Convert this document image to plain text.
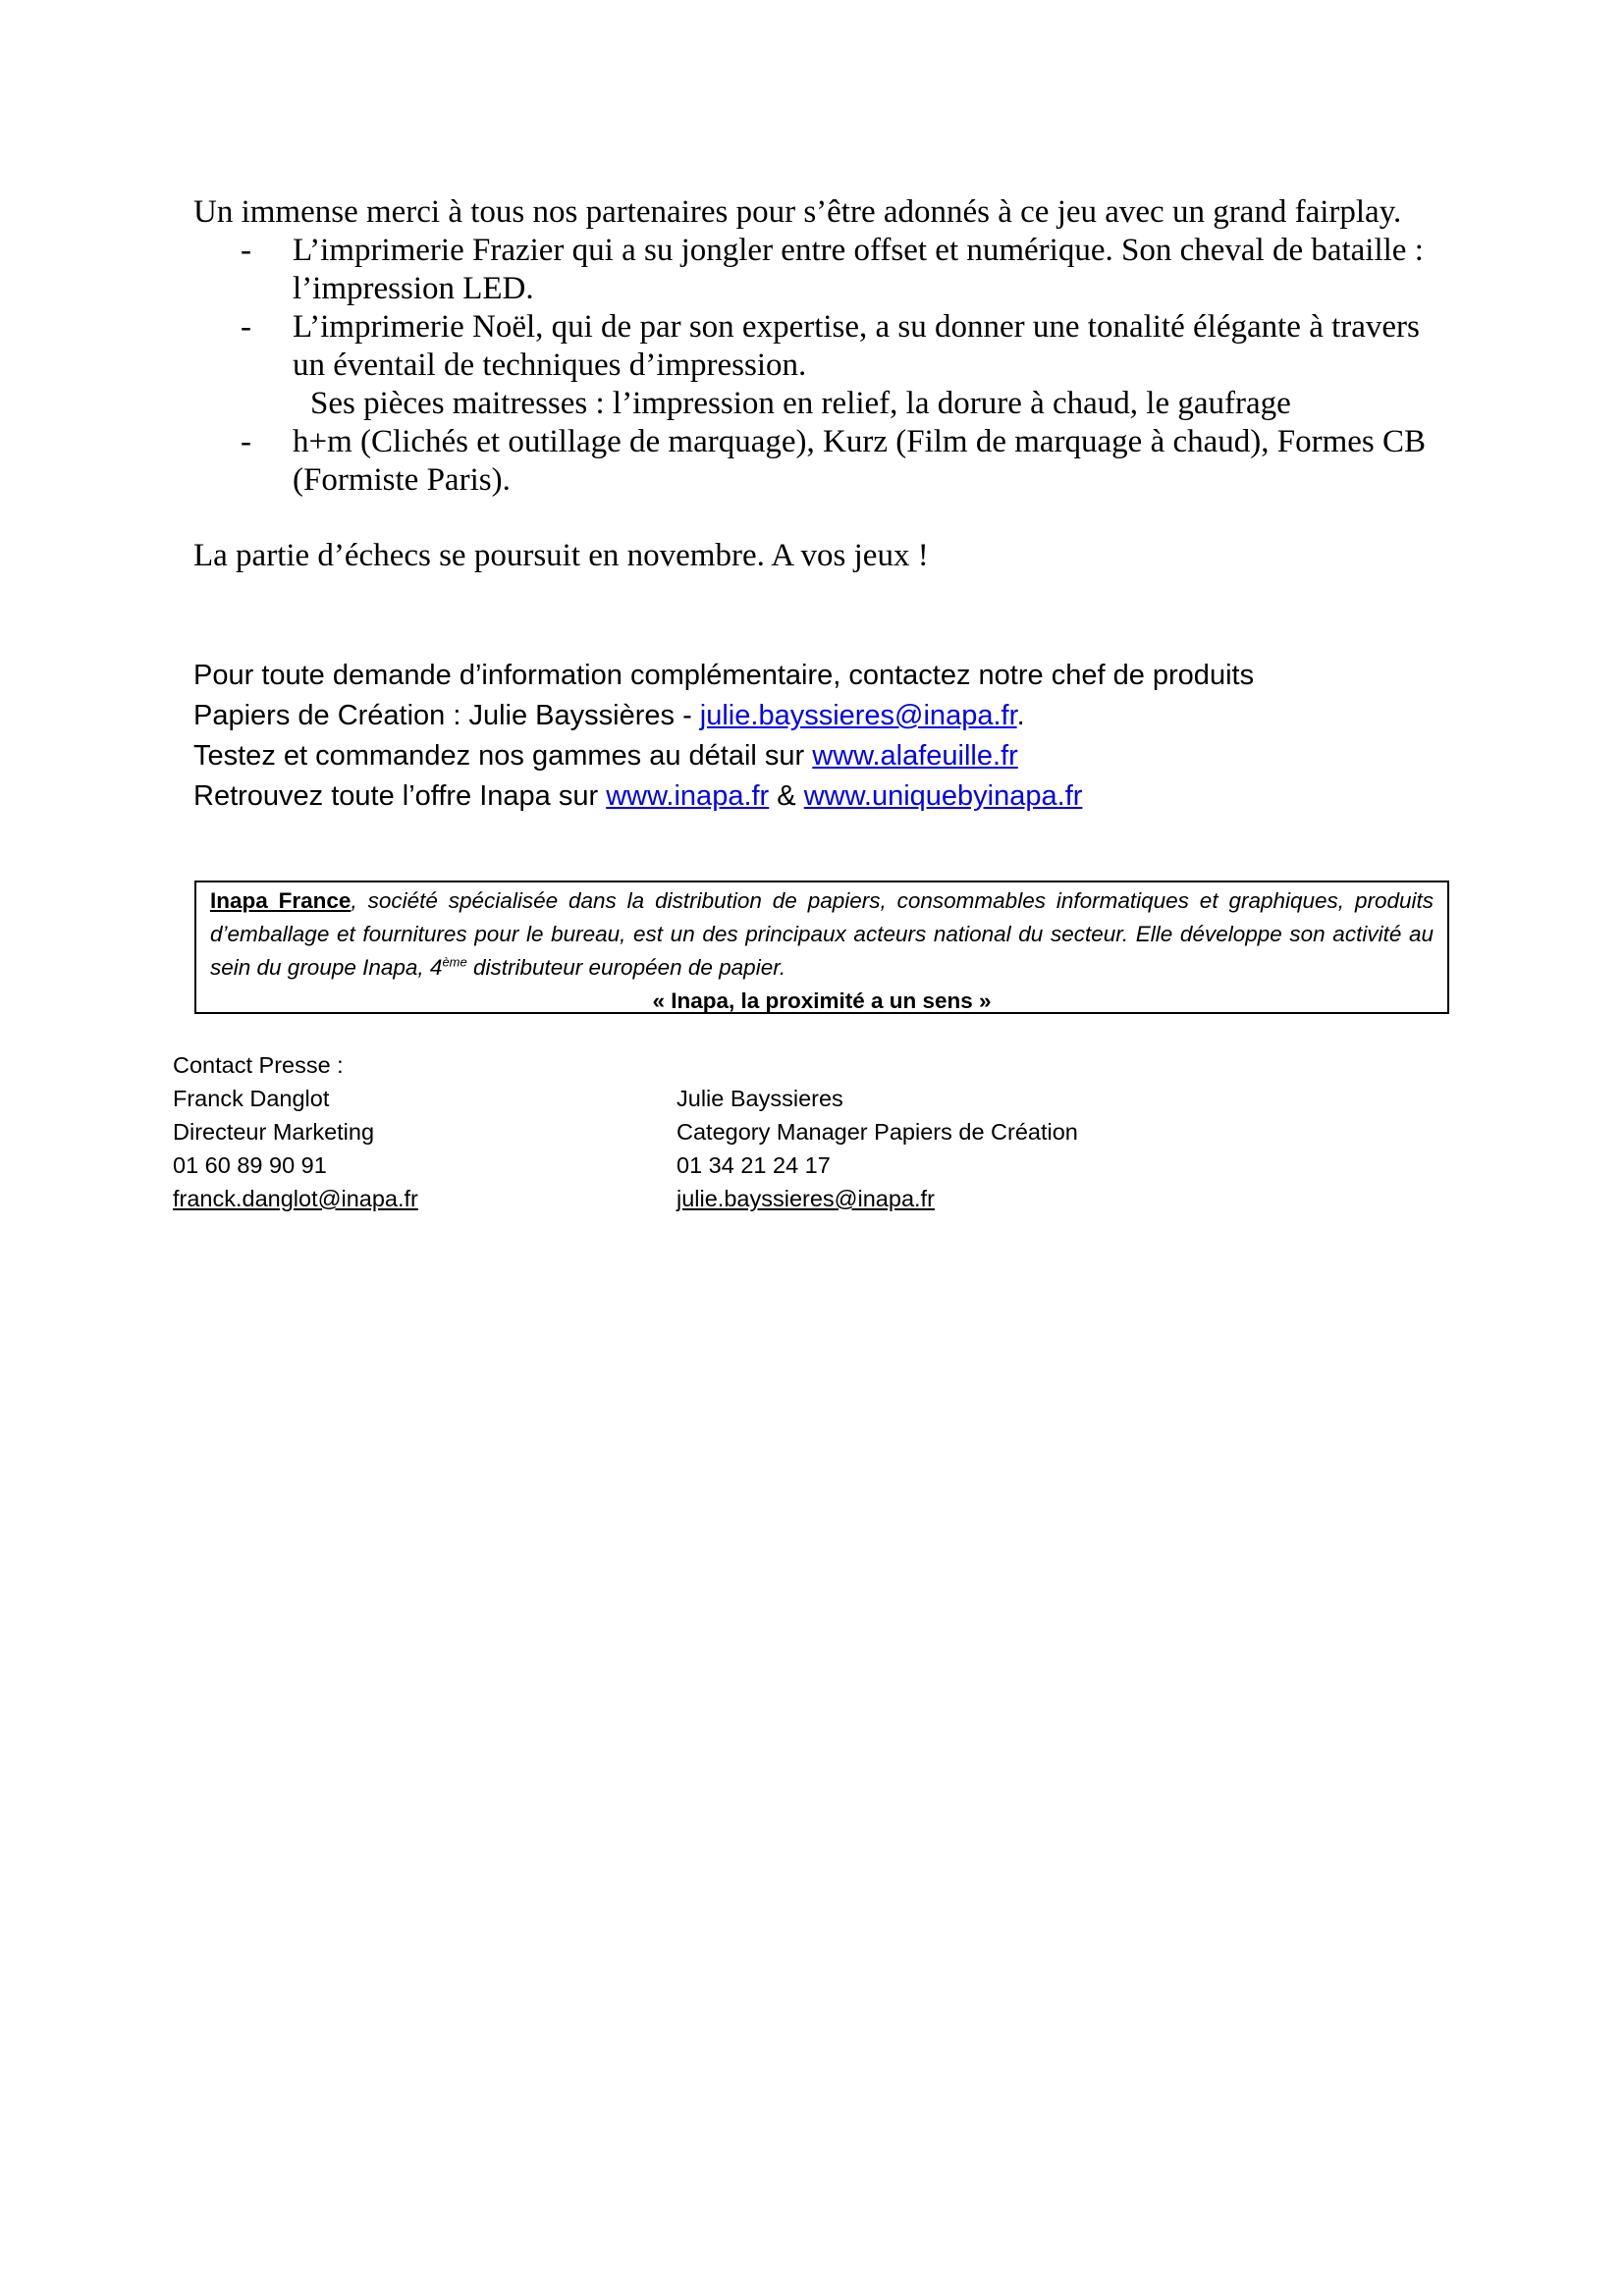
Un immense merci à tous nos partenaires pour s’être adonnés à ce jeu avec un grand fairplay.

- L’imprimerie Frazier qui a su jongler entre offset et numérique. Son cheval de bataille : l’impression LED.
- L’imprimerie Noël, qui de par son expertise, a su donner une tonalité élégante à travers un éventail de techniques d’impression.
Ses pièces maitresses : l’impression en relief, la dorure à chaud, le gaufrage
- h+m (Clichés et outillage de marquage), Kurz (Film de marquage à chaud), Formes CB (Formiste Paris).

La partie d’échecs se poursuit en novembre. A vos jeux !

Pour toute demande d’information complémentaire, contactez notre chef de produits
Papiers de Création : Julie Bayssières - julie.bayssieres@inapa.fr.
Testez et commandez nos gammes au détail sur www.alafeuille.fr
Retrouvez toute l’offre Inapa sur www.inapa.fr & www.uniquebyinapa.fr
Inapa France, société spécialisée dans la distribution de papiers, consommables informatiques et graphiques, produits d’emballage et fournitures pour le bureau, est un des principaux acteurs national du secteur. Elle développe son activité au sein du groupe Inapa, 4ème distributeur européen de papier.
« Inapa, la proximité a un sens »
Contact Presse :
Franck Danglot
Directeur Marketing
01 60 89 90 91
franck.danglot@inapa.fr
Julie Bayssieres
Category Manager Papiers de Création
01 34 21 24 17
julie.bayssieres@inapa.fr
